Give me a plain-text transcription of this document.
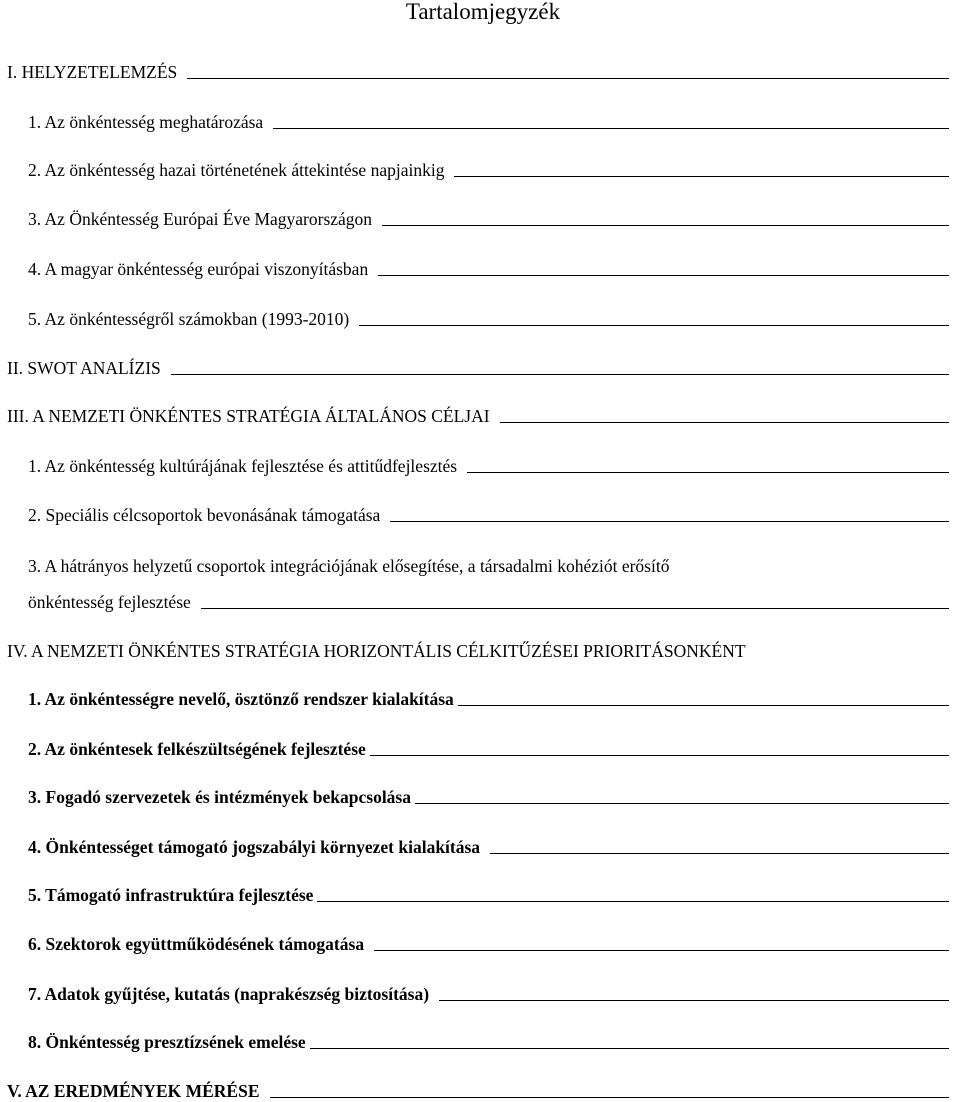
Tartalomjegyzék
I. HELYZETELEMZÉS
1. Az önkéntesség meghatározása
2. Az önkéntesség hazai történetének áttekintése napjainkig
3. Az Önkéntesség Európai Éve Magyarországon
4. A magyar önkéntesség európai viszonyításban
5. Az önkéntességről számokban (1993-2010)
II. SWOT ANALÍZIS
III. A NEMZETI ÖNKÉNTES STRATÉGIA ÁLTALÁNOS CÉLJAI
1. Az önkéntesség kultúrájának fejlesztése és attitűdfejlesztés
2. Speciális célcsoportok bevonásának támogatása
3. A hátrányos helyzetű csoportok integrációjának elősegítése, a társadalmi kohéziót erősítő
önkéntesség fejlesztése
IV. A NEMZETI ÖNKÉNTES STRATÉGIA HORIZONTÁLIS CÉLKITŰZÉSEI PRIORITÁSONKÉNT
1. Az önkéntességre nevelő, ösztönző rendszer kialakítása
2. Az önkéntesek felkészültségének fejlesztése
3. Fogadó szervezetek és intézmények bekapcsolása
4. Önkéntességet támogató jogszabályi környezet kialakítása
5. Támogató infrastruktúra fejlesztése
6. Szektorok együttműködésének támogatása
7. Adatok gyűjtése, kutatás (naprakészség biztosítása)
8. Önkéntesség presztízsének emelése
V. AZ EREDMÉNYEK MÉRÉSE
